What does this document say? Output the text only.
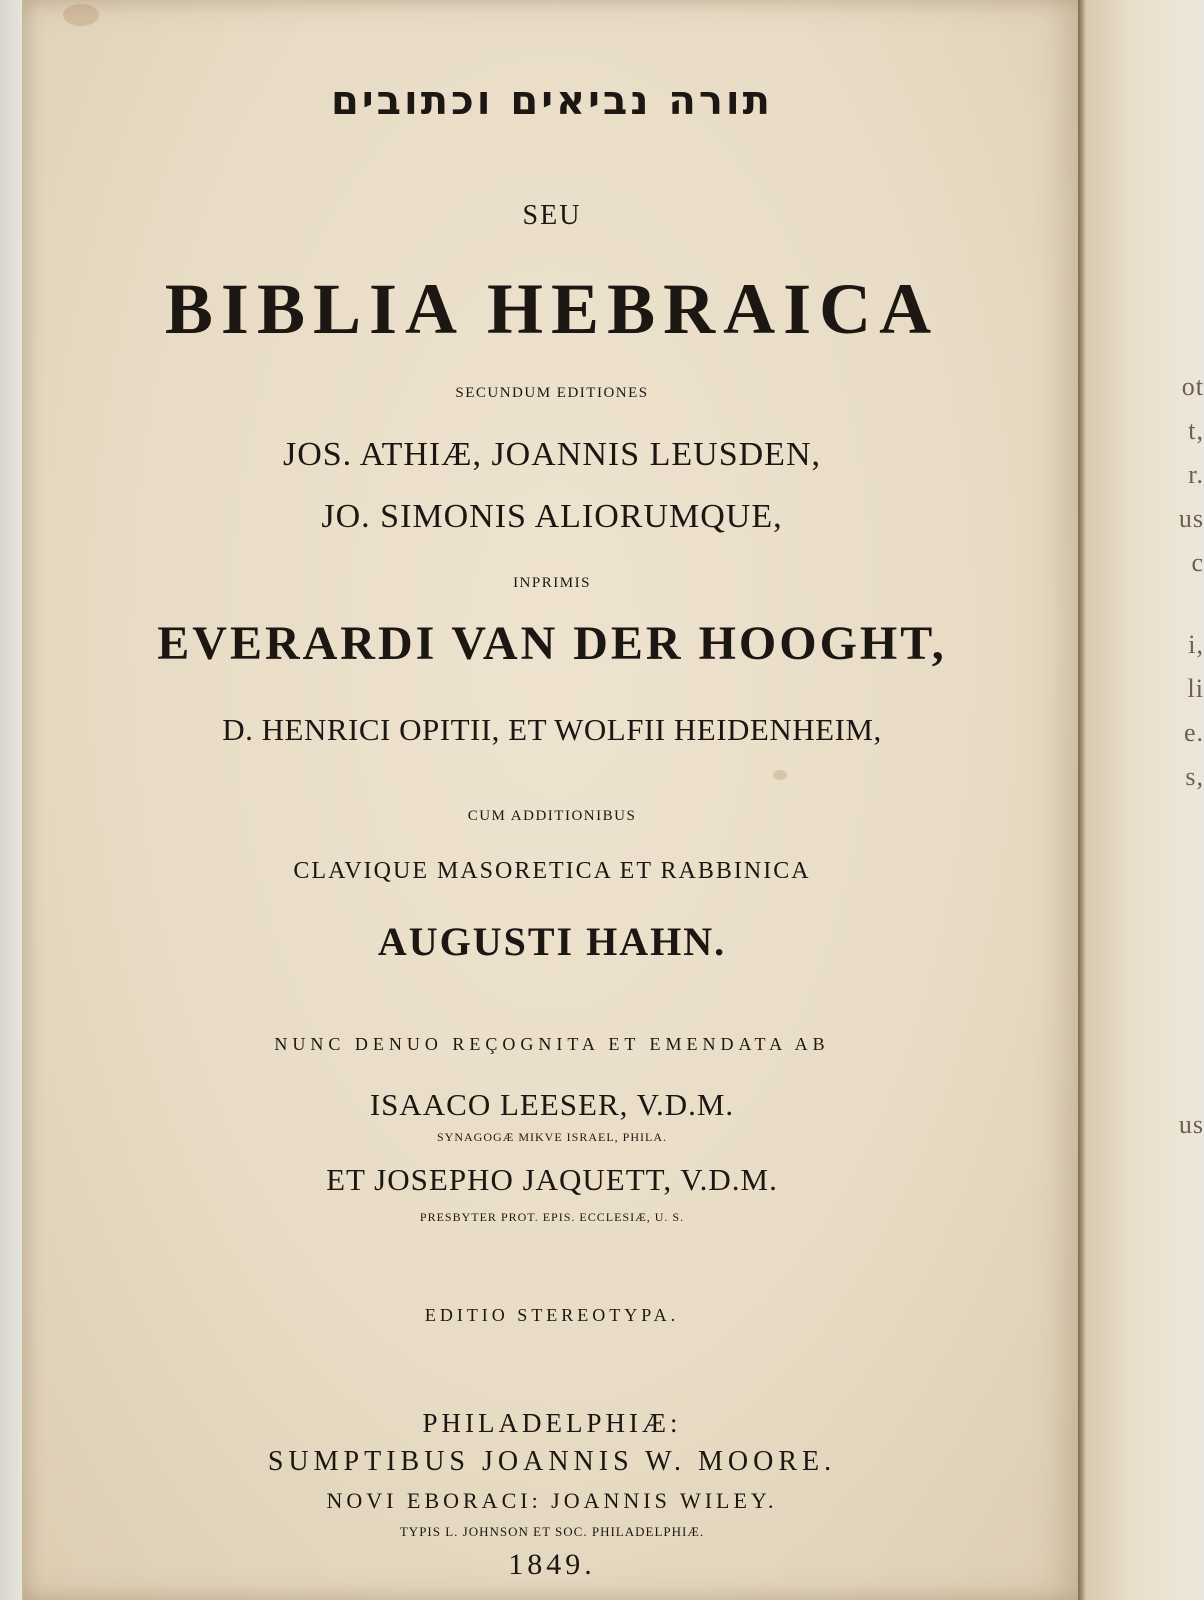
ot
t,
r.
us
c
i,
li
e.
s,
us
תורה נביאים וכתובים
SEU
BIBLIA HEBRAICA
SECUNDUM EDITIONES
JOS. ATHIÆ, JOANNIS LEUSDEN,
JO. SIMONIS ALIORUMQUE,
INPRIMIS
EVERARDI VAN DER HOOGHT,
D. HENRICI OPITII, ET WOLFII HEIDENHEIM,
CUM ADDITIONIBUS
CLAVIQUE MASORETICA ET RABBINICA
AUGUSTI HAHN.
NUNC DENUO REÇOGNITA ET EMENDATA AB
ISAACO LEESER, V.D.M.
SYNAGOGÆ MIKVE ISRAEL, PHILA.
ET JOSEPHO JAQUETT, V.D.M.
PRESBYTER PROT. EPIS. ECCLESIÆ, U. S.
EDITIO STEREOTYPA.
PHILADELPHIÆ:
SUMPTIBUS JOANNIS W. MOORE.
NOVI EBORACI: JOANNIS WILEY.
TYPIS L. JOHNSON ET SOC. PHILADELPHIÆ.
1849.
